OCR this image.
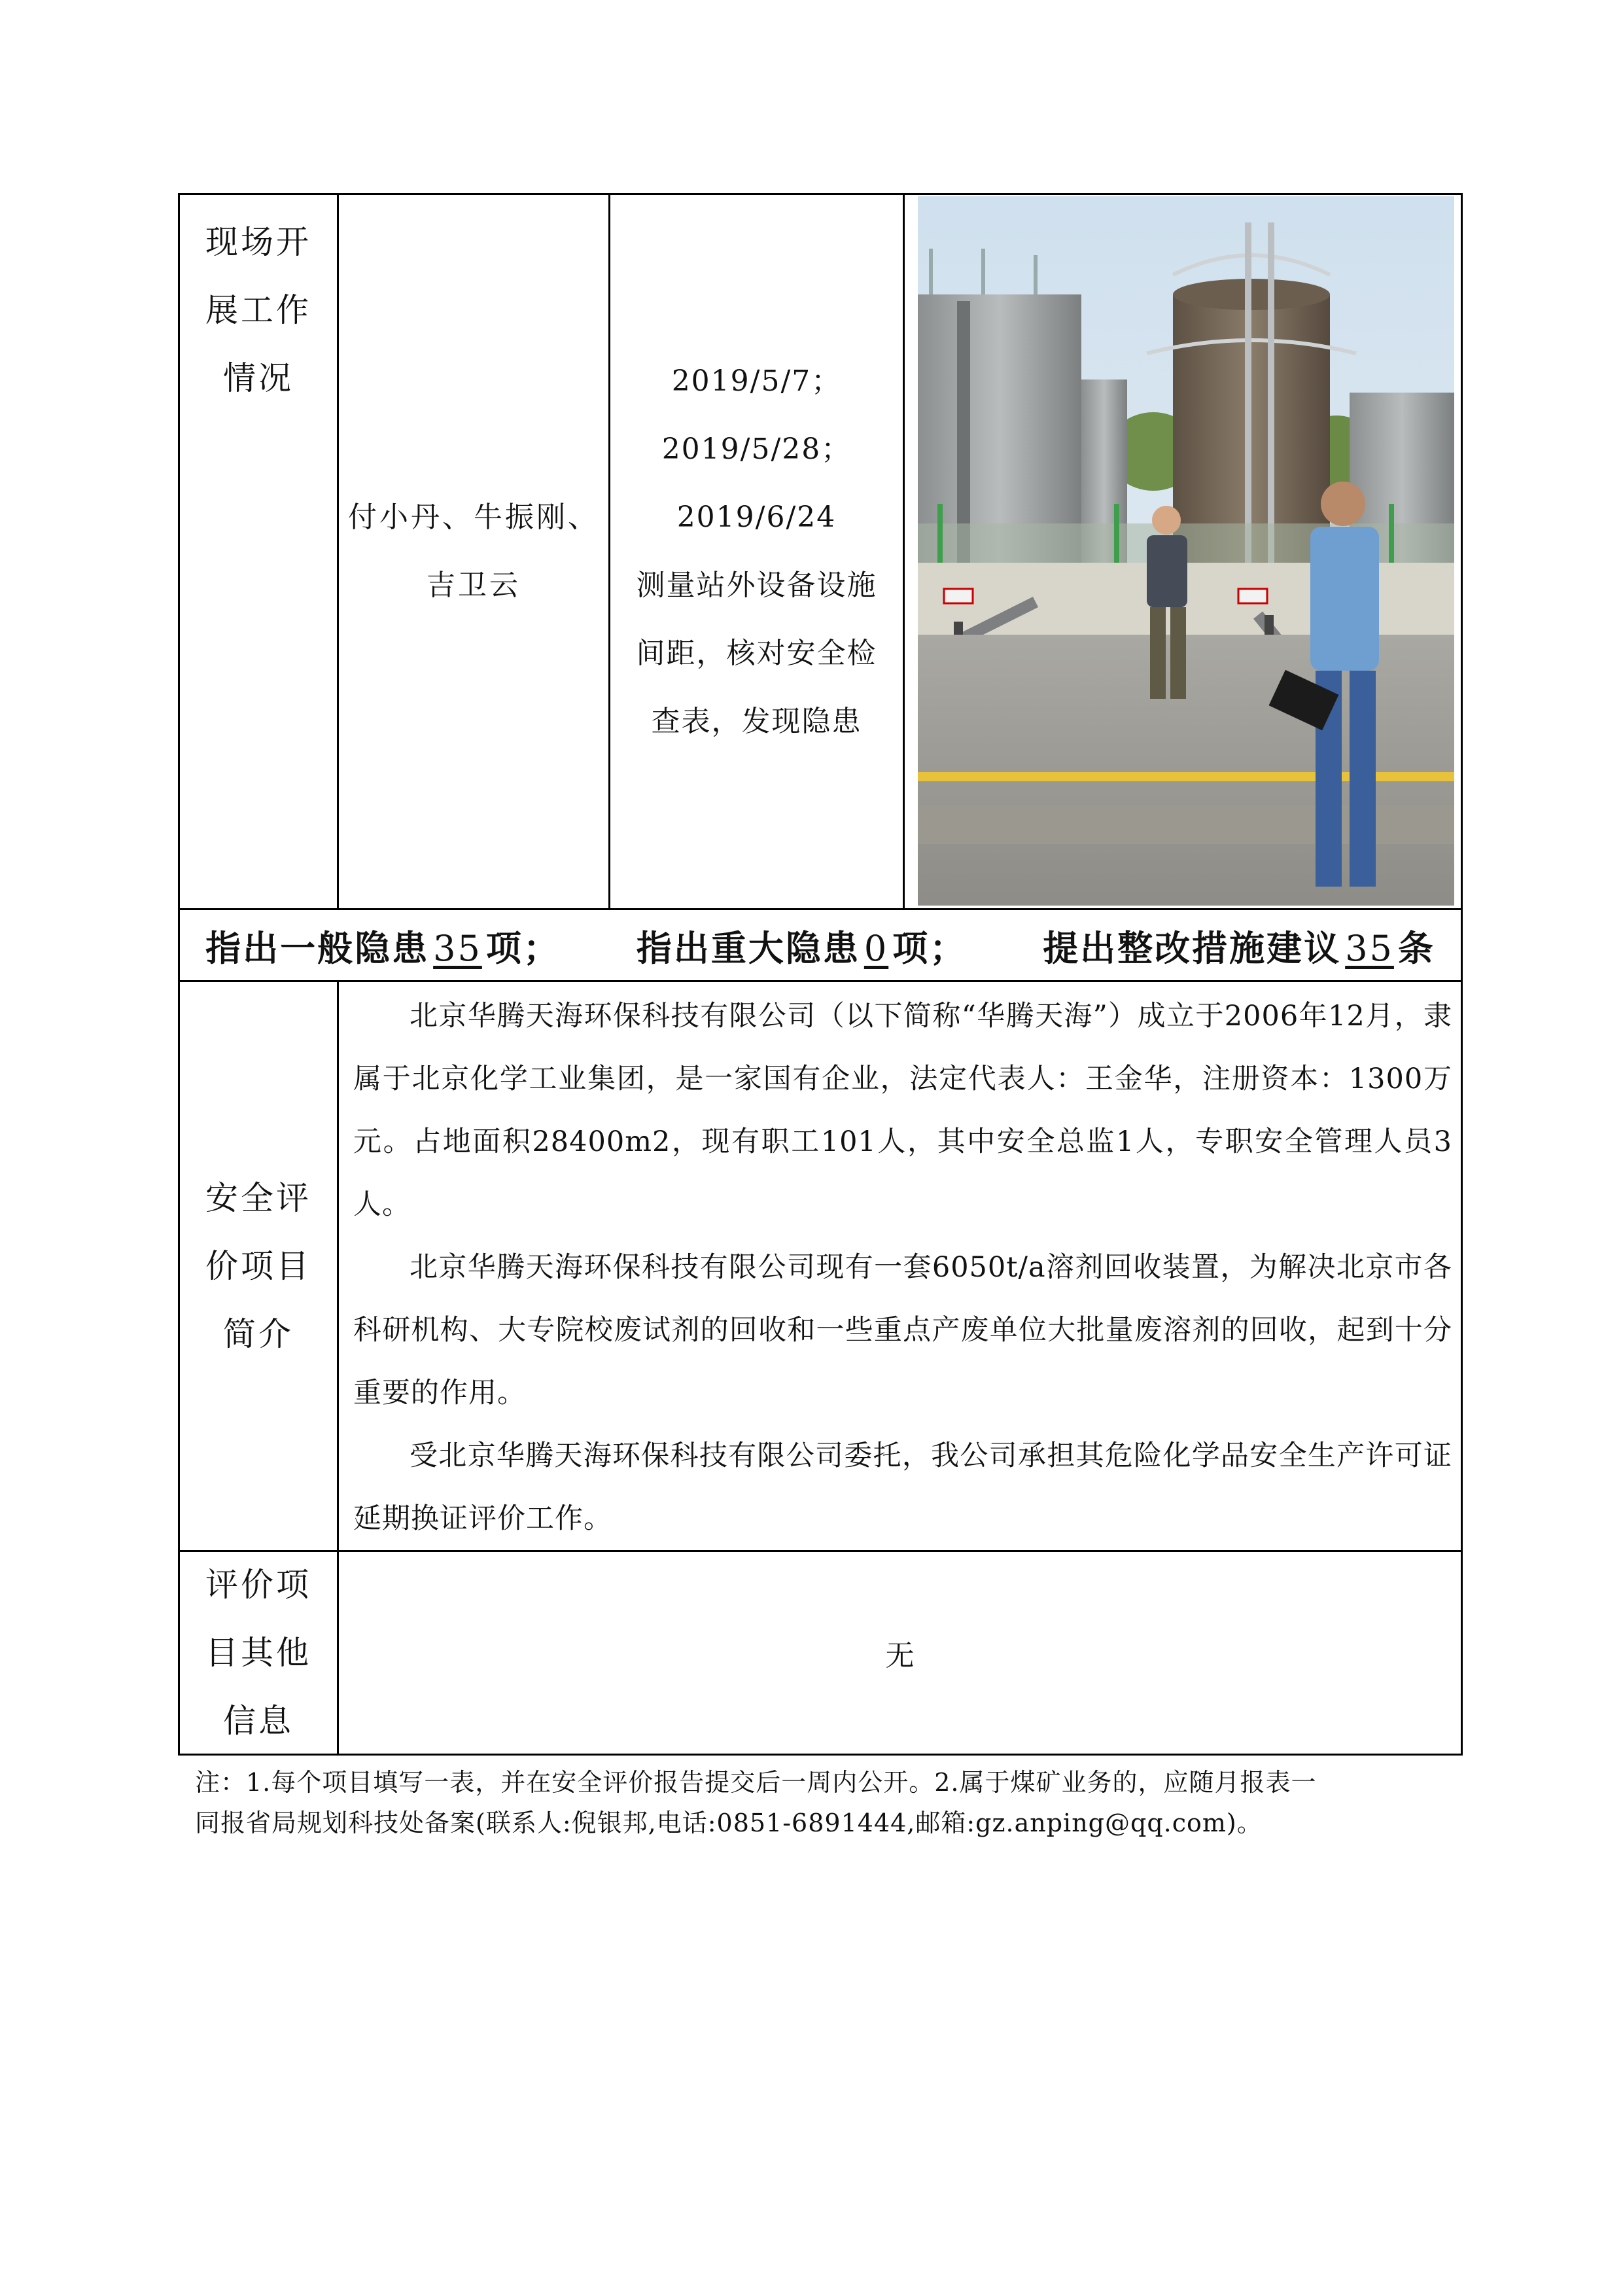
现场开
展工作
情况
付小丹、牛振刚、
吉卫云
2019/5/7；
2019/5/28；
2019/6/24
测量站外设备设施
间距，核对安全检
查表，发现隐患
指出一般隐患 35 项； 指出重大隐患 0 项； 提出整改措施建议 35 条
安全评
价项目
简介

北京华腾天海环保科技有限公司（以下简称“华腾天海”）成立于2006年12月，隶属于北京化学工业集团，是一家国有企业，法定代表人：王金华，注册资本：1300万元。占地面积28400m2，现有职工101人，其中安全总监1人，专职安全管理人员3人。

北京华腾天海环保科技有限公司现有一套6050t/a溶剂回收装置，为解决北京市各科研机构、大专院校废试剂的回收和一些重点产废单位大批量废溶剂的回收，起到十分重要的作用。

受北京华腾天海环保科技有限公司委托，我公司承担其危险化学品安全生产许可证延期换证评价工作。

评价项
目其他
信息
无
注：1.每个项目填写一表，并在安全评价报告提交后一周内公开。2.属于煤矿业务的，应随月报表一
同报省局规划科技处备案(联系人:倪银邦,电话:0851-6891444,邮箱:gz.anping@qq.com)。
